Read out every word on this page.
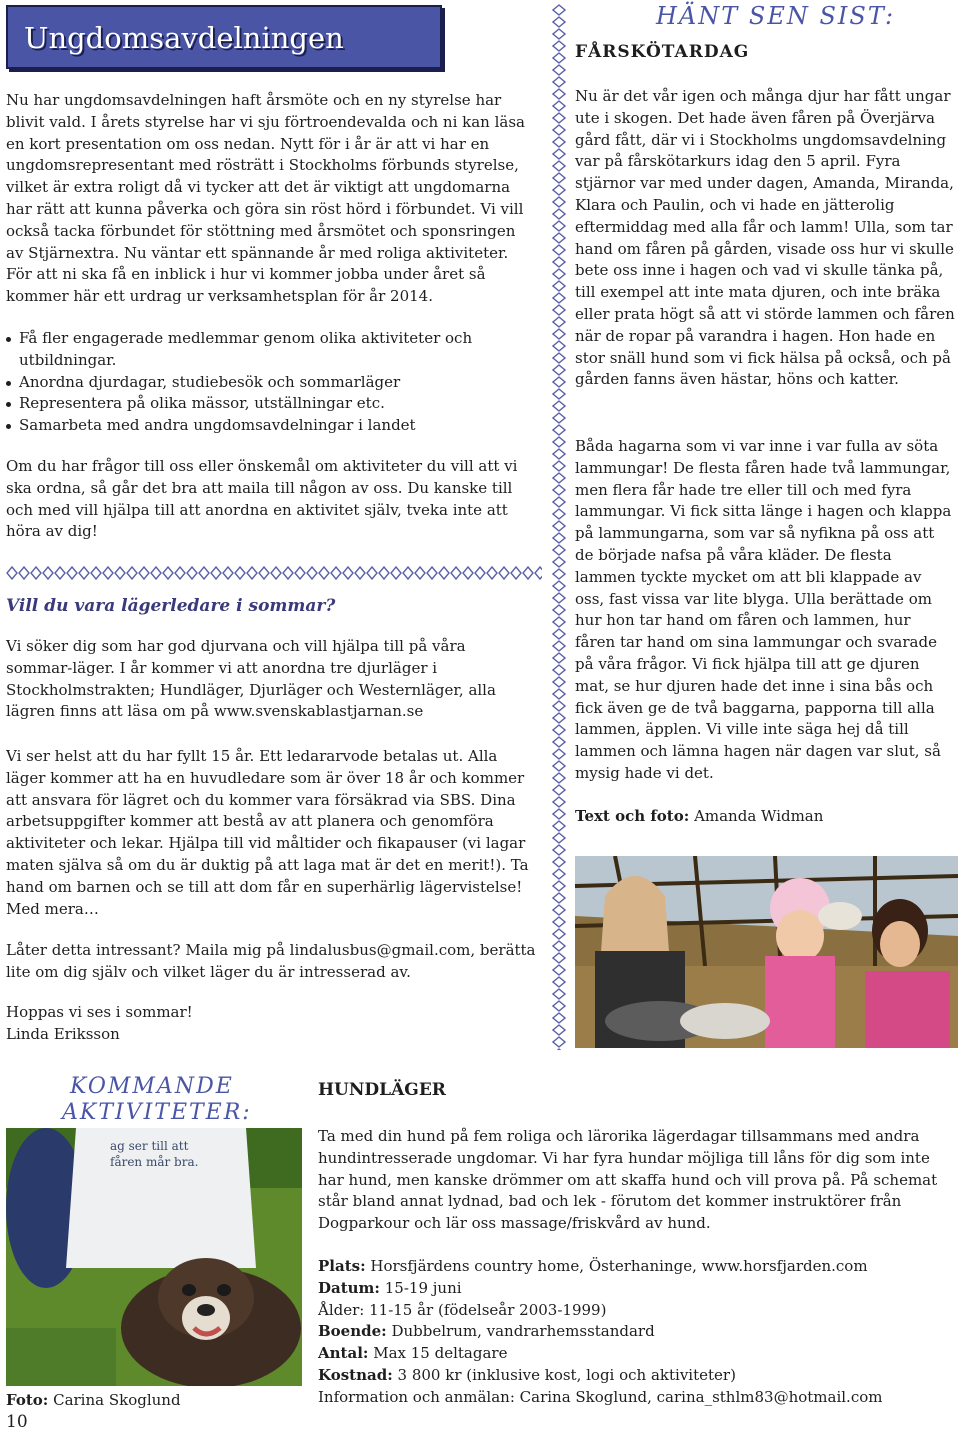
Ungdomsavdelningen

Nu har ungdomsavdelningen haft årsmöte och en ny styrelse har blivit vald. I årets styrelse har vi sju förtroendevalda och ni kan läsa en kort presentation om oss nedan. Nytt för i år är att vi har en ungdomsrepresentant med rösträtt i Stockholms förbunds styrelse, vilket är extra roligt då vi tycker att det är viktigt att ungdomarna har rätt att kunna påverka och göra sin röst hörd i förbundet. Vi vill också tacka förbundet för stöttning med årsmötet och sponsringen av Stjärnextra. Nu väntar ett spännande år med roliga aktiviteter. För att ni ska få en inblick i hur vi kommer jobba under året så kommer här ett urdrag ur verksamhetsplan för år 2014.

Få fler engagerade medlemmar genom olika aktiviteter och utbildningar.
Anordna djurdagar, studiebesök och sommarläger
Representera på olika mässor, utställningar etc.
Samarbeta med andra ungdomsavdelningar i landet

Om du har frågor till oss eller önskemål om aktiviteter du vill att vi ska ordna, så går det bra att maila till någon av oss. Du kanske till och med vill hjälpa till att anordna en aktivitet själv, tveka inte att höra av dig!

Vill du vara lägerledare i sommar?

Vi söker dig som har god djurvana och vill hjälpa till på våra sommar-läger. I år kommer vi att anordna tre djurläger i Stockholmstrakten; Hundläger, Djurläger och Westernläger, alla lägren finns att läsa om på www.svenskablastjarnan.se

Vi ser helst att du har fyllt 15 år. Ett ledararvode betalas ut. Alla läger kommer att ha en huvudledare som är över 18 år och kommer att ansvara för lägret och du kommer vara försäkrad via SBS. Dina arbetsuppgifter kommer att bestå av att planera och genomföra aktiviteter och lekar. Hjälpa till vid måltider och fikapauser (vi lagar maten själva så om du är duktig på att laga mat är det en merit!). Ta hand om barnen och se till att dom får en superhärlig lägervistelse! Med mera…

Låter detta intressant? Maila mig på lindalusbus@gmail.com, berätta lite om dig själv och vilket läger du är intresserad av.

Hoppas vi ses i sommar!

Linda Eriksson

HÄNT SEN SIST:
FÅRSKÖTARDAG

Nu är det vår igen och många djur har fått ungar ute i skogen. Det hade även fåren på Överjärva gård fått, där vi i Stockholms ungdomsavdelning var på fårskötarkurs idag den 5 april. Fyra stjärnor var med under dagen, Amanda, Miranda, Klara och Paulin, och vi hade en jätterolig eftermiddag med alla får och lamm! Ulla, som tar hand om fåren på gården, visade oss hur vi skulle bete oss inne i hagen och vad vi skulle tänka på, till exempel att inte mata djuren, och inte bräka eller prata högt så att vi störde lammen och fåren när de ropar på varandra i hagen. Hon hade en stor snäll hund som vi fick hälsa på också, och på gården fanns även hästar, höns och katter.

Båda hagarna som vi var inne i var fulla av söta lammungar! De flesta fåren hade två lammungar, men flera får hade tre eller till och med fyra lammungar. Vi fick sitta länge i hagen och klappa på lammungarna, som var så nyfikna på oss att de började nafsa på våra kläder. De flesta lammen tyckte mycket om att bli klappade av oss, fast vissa var lite blyga. Ulla berättade om hur hon tar hand om fåren och lammen, hur fåren tar hand om sina lammungar och svarade på våra frågor. Vi fick hjälpa till att ge djuren mat, se hur djuren hade det inne i sina bås och fick även ge de två baggarna, papporna till alla lammen, äpplen. Vi ville inte säga hej då till lammen och lämna hagen när dagen var slut, så mysig hade vi det.

Text och foto: Amanda Widman

KOMMANDE
AKTIVITETER:
ag ser till att
fåren mår bra.

Foto: Carina Skoglund

10
HUNDLÄGER

Ta med din hund på fem roliga och lärorika lägerdagar tillsammans med andra hundintresserade ungdomar. Vi har fyra hundar möjliga till låns för dig som inte har hund, men kanske drömmer om att skaffa hund och vill prova på. På schemat står bland annat lydnad, bad och lek - förutom det kommer instruktörer från Dogparkour och lär oss massage/friskvård av hund.

Plats: Horsfjärdens country home, Österhaninge, www.horsfjarden.com

Datum: 15-19 juni

Ålder: 11-15 år (födelseår 2003-1999)

Boende: Dubbelrum, vandrarhemsstandard

Antal: Max 15 deltagare

Kostnad: 3 800 kr (inklusive kost, logi och aktiviteter)

Information och anmälan: Carina Skoglund, carina_sthlm83@hotmail.com
